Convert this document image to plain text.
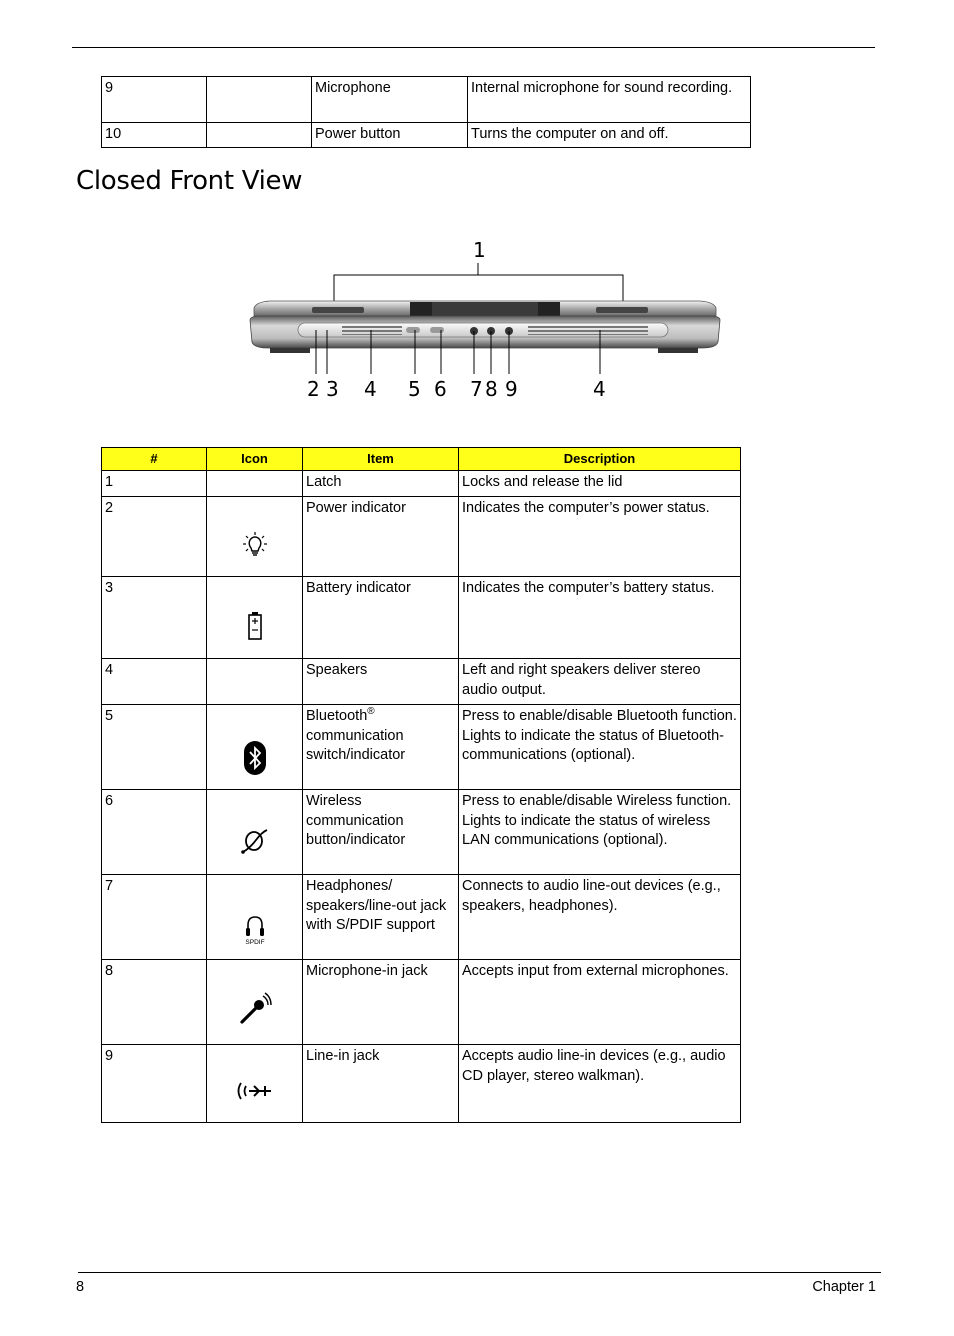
9		Microphone	Internal microphone for sound recording.
10		Power button	Turns the computer on and off.
Closed Front View
1
2 3 4 5 6 7 8 9	4
#	Icon	Item	Description
1		Latch	Locks and release the lid
2		Power indicator	Indicates the computer’s power status.
3		Battery indicator	Indicates the computer’s battery status.
4		Speakers	Left and right speakers deliver stereo audio output.
5		Bluetooth® communication switch/indicator	Press to enable/disable Bluetooth function. Lights to indicate the status of Bluetooth-communications (optional).
6		Wireless communication button/indicator	Press to enable/disable Wireless function. Lights to indicate the status of wireless LAN communications (optional).
7	SPDIF	Headphones/ speakers/line-out jack with S/PDIF support	Connects to audio line-out devices (e.g., speakers, headphones).
8		Microphone-in jack	Accepts input from external microphones.
9		Line-in jack	Accepts audio line-in devices (e.g., audio CD player, stereo walkman).
8	Chapter 1
